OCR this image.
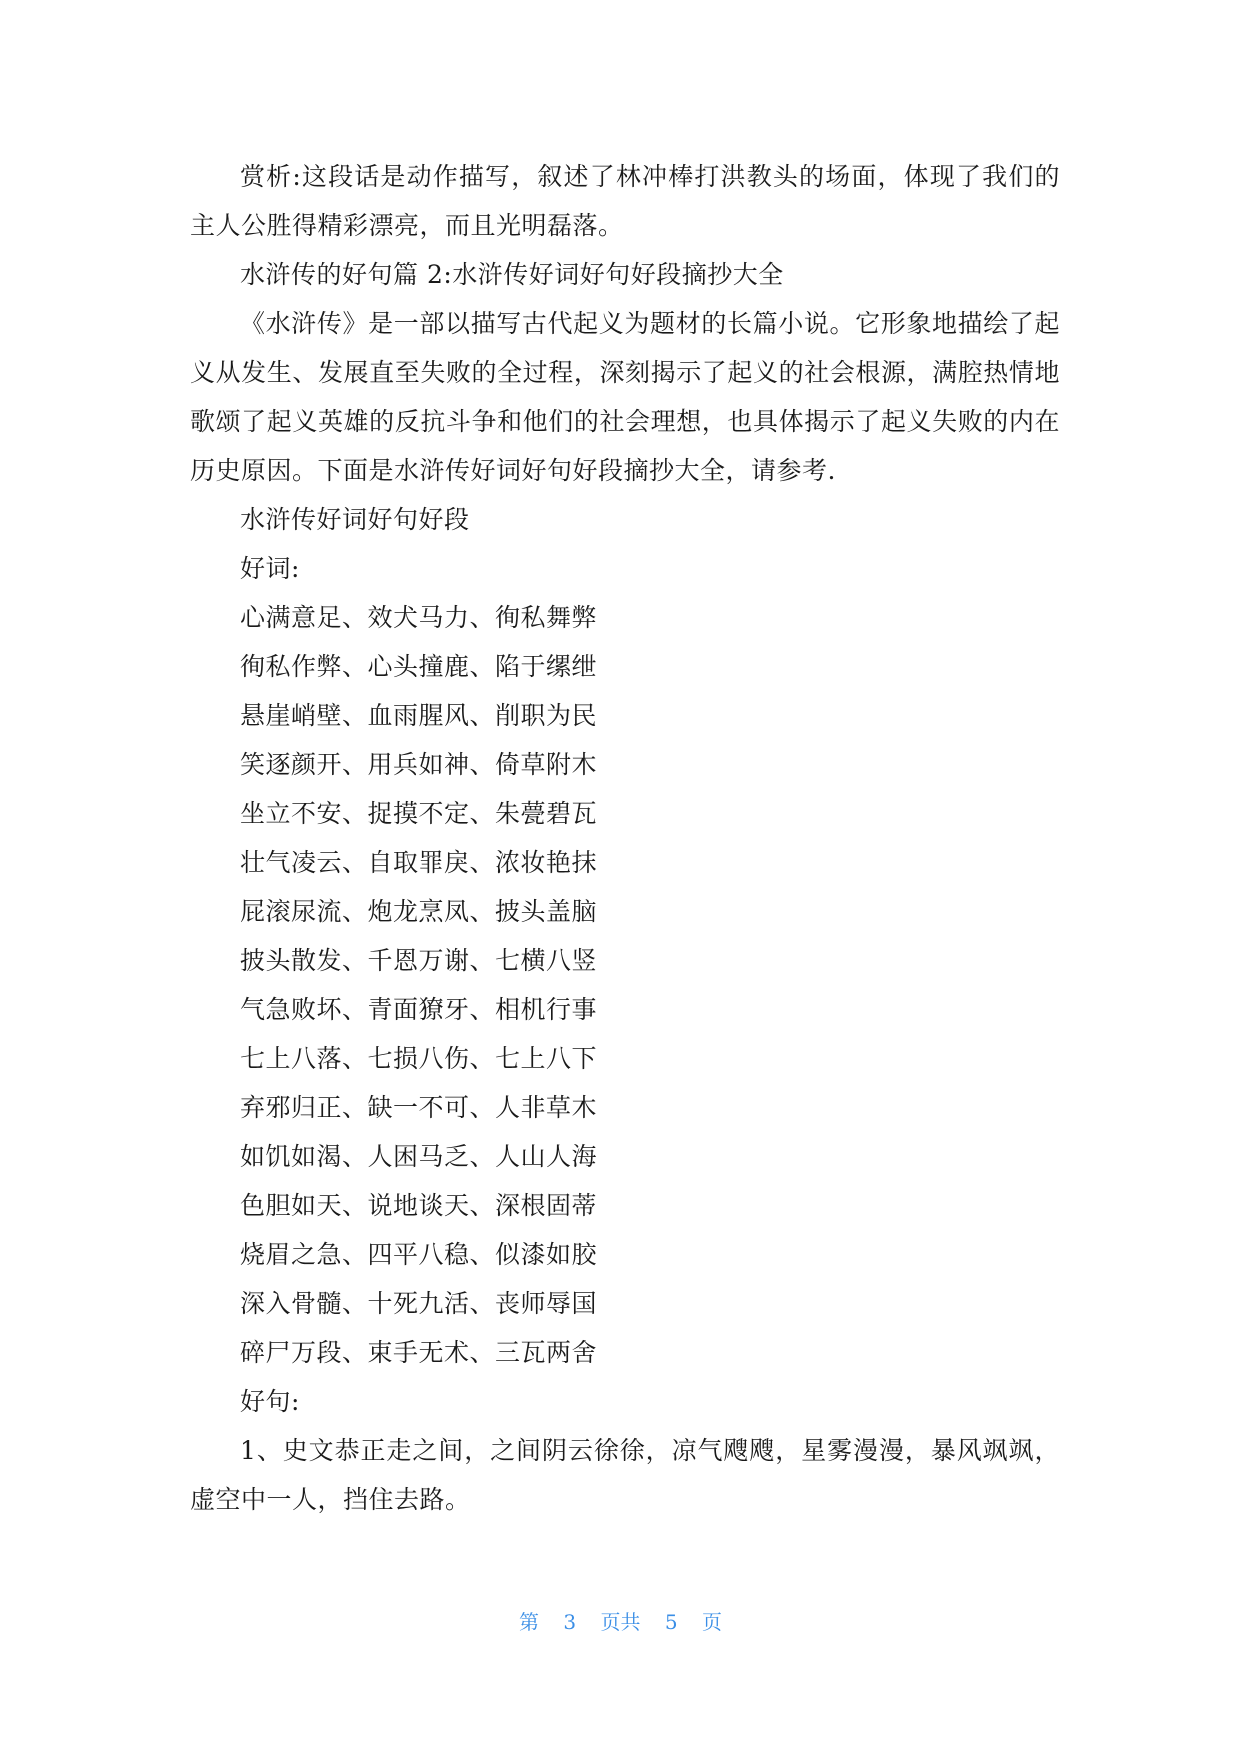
赏析:这段话是动作描写，叙述了林冲棒打洪教头的场面，体现了我们的主人公胜得精彩漂亮，而且光明磊落。

水浒传的好句篇 2:水浒传好词好句好段摘抄大全

《水浒传》是一部以描写古代起义为题材的长篇小说。它形象地描绘了起义从发生、发展直至失败的全过程，深刻揭示了起义的社会根源，满腔热情地歌颂了起义英雄的反抗斗争和他们的社会理想，也具体揭示了起义失败的内在历史原因。下面是水浒传好词好句好段摘抄大全，请参考.

水浒传好词好句好段

好词:

心满意足、效犬马力、徇私舞弊

徇私作弊、心头撞鹿、陷于缧绁

悬崖峭壁、血雨腥风、削职为民

笑逐颜开、用兵如神、倚草附木

坐立不安、捉摸不定、朱甍碧瓦

壮气凌云、自取罪戾、浓妆艳抹

屁滚尿流、炮龙烹凤、披头盖脑

披头散发、千恩万谢、七横八竖

气急败坏、青面獠牙、相机行事

七上八落、七损八伤、七上八下

弃邪归正、缺一不可、人非草木

如饥如渴、人困马乏、人山人海

色胆如天、说地谈天、深根固蒂

烧眉之急、四平八稳、似漆如胶

深入骨髓、十死九活、丧师辱国

碎尸万段、束手无术、三瓦两舍

好句:

1、史文恭正走之间，之间阴云徐徐，凉气飕飕，星雾漫漫，暴风飒飒，虚空中一人，挡住去路。

第 3 页共 5 页
